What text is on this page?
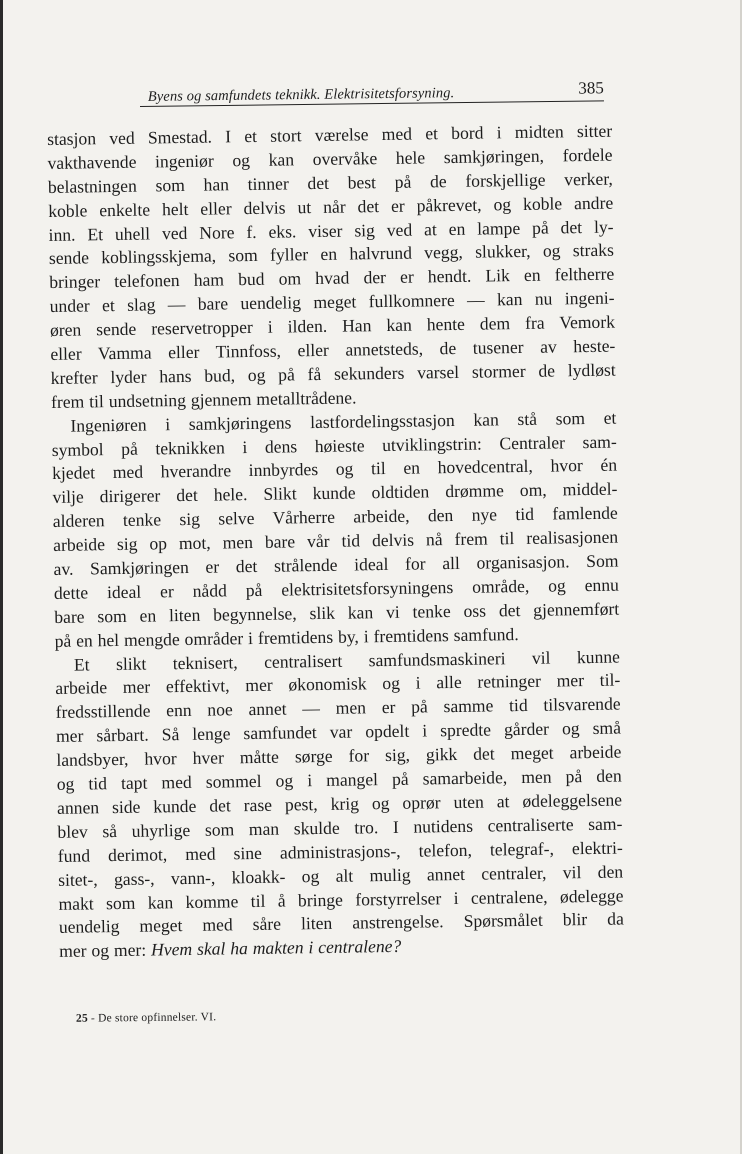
Byens og samfundets teknikk. Elektrisitetsforsyning.	385
stasjon ved Smestad. I et stort værelse med et bord i midten sitter
vakthavende ingeniør og kan overvåke hele samkjøringen, fordele
belastningen som han tinner det best på de forskjellige verker,
koble enkelte helt eller delvis ut når det er påkrevet, og koble andre
inn. Et uhell ved Nore f. eks. viser sig ved at en lampe på det ly-
sende koblingsskjema, som fyller en halvrund vegg, slukker, og straks
bringer telefonen ham bud om hvad der er hendt. Lik en feltherre
under et slag — bare uendelig meget fullkomnere — kan nu ingeni-
øren sende reservetropper i ilden. Han kan hente dem fra Vemork
eller Vamma eller Tinnfoss, eller annetsteds, de tusener av heste-
krefter lyder hans bud, og på få sekunders varsel stormer de lydløst
frem til undsetning gjennem metalltrådene.
Ingeniøren i samkjøringens lastfordelingsstasjon kan stå som et
symbol på teknikken i dens høieste utviklingstrin: Centraler sam-
kjedet med hverandre innbyrdes og til en hovedcentral, hvor én
vilje dirigerer det hele. Slikt kunde oldtiden drømme om, middel-
alderen tenke sig selve Vårherre arbeide, den nye tid famlende
arbeide sig op mot, men bare vår tid delvis nå frem til realisasjonen
av. Samkjøringen er det strålende ideal for all organisasjon. Som
dette ideal er nådd på elektrisitetsforsyningens område, og ennu
bare som en liten begynnelse, slik kan vi tenke oss det gjennemført
på en hel mengde områder i fremtidens by, i fremtidens samfund.
Et slikt teknisert, centralisert samfundsmaskineri vil kunne
arbeide mer effektivt, mer økonomisk og i alle retninger mer til-
fredsstillende enn noe annet — men er på samme tid tilsvarende
mer sårbart. Så lenge samfundet var opdelt i spredte gårder og små
landsbyer, hvor hver måtte sørge for sig, gikk det meget arbeide
og tid tapt med sommel og i mangel på samarbeide, men på den
annen side kunde det rase pest, krig og oprør uten at ødeleggelsene
blev så uhyrlige som man skulde tro. I nutidens centraliserte sam-
fund derimot, med sine administrasjons-, telefon, telegraf-, elektri-
sitet-, gass-, vann-, kloakk- og alt mulig annet centraler, vil den
makt som kan komme til å bringe forstyrrelser i centralene, ødelegge
uendelig meget med såre liten anstrengelse. Spørsmålet blir da
mer og mer: Hvem skal ha makten i centralene?
25 - De store opfinnelser. VI.
